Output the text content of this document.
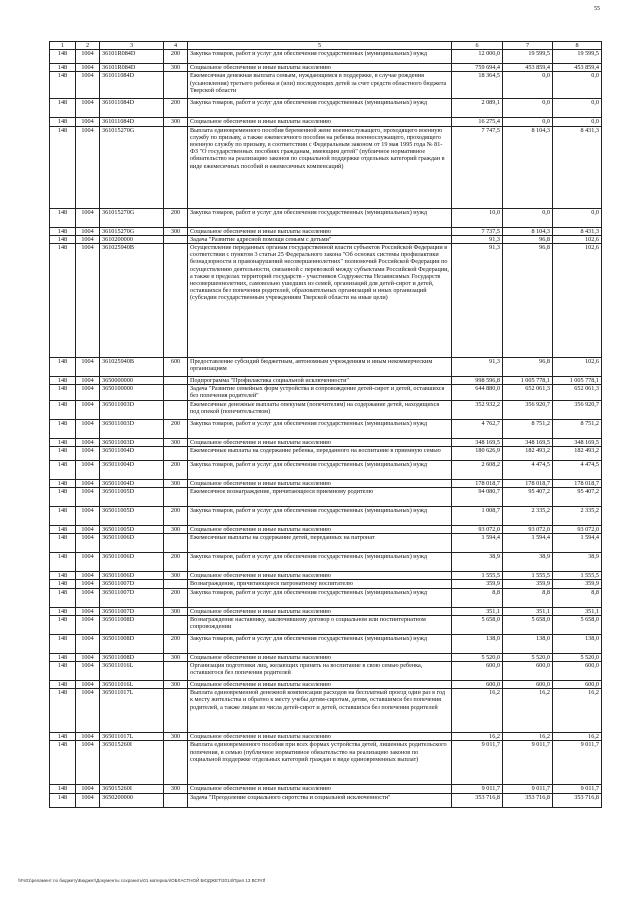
55
1	2	3	4	5	6	7	8
148	1004	36101R084D	200	Закупка товаров, работ и услуг для обеспечения государственных (муниципальных) нужд	12 000,0	19 599,5	19 599,5
148	1004	36101R084D	300	Социальное обеспечение и иные выплаты населению	759 694,4	453 859,4	453 859,4
148	1004	361011084D		Ежемесячная денежная выплата семьям, нуждающимся в поддержке, в случае рождения (усыновления) третьего ребенка и (или) последующих детей за счет средств областного бюджета Тверской области	18 364,5	0,0	0,0
148	1004	361011084D	200	Закупка товаров, работ и услуг для обеспечения государственных (муниципальных) нужд	2 089,1	0,0	0,0
148	1004	361011084D	300	Социальное обеспечение и иные выплаты населению	16 275,4	0,0	0,0
148	1004	361015270G		Выплата единовременного пособия беременной жене военнослужащего, проходящего военную службу по призыву, а также ежемесячного пособия на ребенка военнослужащего, проходящего военную службу по призыву, в соответствии с Федеральным законом от 19 мая 1995 года № 81-ФЗ "О государственных пособиях гражданам, имеющим детей" (публичное нормативное обязательство на реализацию законов по социальной поддержке отдельных категорий граждан в виде ежемесячных пособий и ежемесячных компенсаций)	7 747,5	8 104,3	8 431,3
148	1004	361015270G	200	Закупка товаров, работ и услуг для обеспечения государственных (муниципальных) нужд	10,0	0,0	0,0
148	1004	361015270G	300	Социальное обеспечение и иные выплаты населению	7 737,5	8 104,3	8 431,3
148	1004	3610200000		Задача "Развитие адресной помощи семьям с детьми"	91,3	96,8	102,6
148	1004	361025940B		Осуществление переданных органам государственной власти субъектов Российской Федерации в соответствии с пунктом 3 статьи 25 Федерального закона "Об основах системы профилактики безнадзорности и правонарушений несовершеннолетних" полномочий Российской Федерации по осуществлению деятельности, связанной с перевозкой между субъектами Российской Федерации, а также в пределах территорий государств - участников Содружества Независимых Государств несовершеннолетних, самовольно ушедших из семей, организаций для детей-сирот и детей, оставшихся без попечения родителей, образовательных организаций и иных организаций (субсидии государственным учреждениям Тверской области на иные цели)	91,3	96,8	102,6
148	1004	361025940B	600	Предоставление субсидий бюджетным, автономным учреждениям и иным некоммерческим организациям	91,3	96,8	102,6
148	1004	3650000000		Подпрограмма "Профилактика социальной исключенности"	998 596,8	1 005 778,1	1 005 778,1
148	1004	3650100000		Задача "Развитие семейных форм устройства и сопровождение детей-сирот и детей, оставшихся без попечения родителей"	644 880,0	652 061,3	652 061,3
148	1004	365011003D		Ежемесячные денежные выплаты опекунам (попечителям) на содержание детей, находящихся под опекой (попечительством)	352 932,2	356 920,7	356 920,7
148	1004	365011003D	200	Закупка товаров, работ и услуг для обеспечения государственных (муниципальных) нужд	4 762,7	8 751,2	8 751,2
148	1004	365011003D	300	Социальное обеспечение и иные выплаты населению	348 169,5	348 169,5	348 169,5
148	1004	365011004D		Ежемесячные выплаты на содержание ребенка, переданного на воспитание в приемную семью	180 626,9	182 493,2	182 493,2
148	1004	365011004D	200	Закупка товаров, работ и услуг для обеспечения государственных (муниципальных) нужд	2 608,2	4 474,5	4 474,5
148	1004	365011004D	300	Социальное обеспечение и иные выплаты населению	178 018,7	178 018,7	178 018,7
148	1004	365011005D		Ежемесячное вознаграждение, причитающееся приемному родителю	94 080,7	95 407,2	95 407,2
148	1004	365011005D	200	Закупка товаров, работ и услуг для обеспечения государственных (муниципальных) нужд	1 008,7	2 335,2	2 335,2
148	1004	365011005D	300	Социальное обеспечение и иные выплаты населению	93 072,0	93 072,0	93 072,0
148	1004	365011006D		Ежемесячные выплаты на содержание детей, переданных на патронат	1 594,4	1 594,4	1 594,4
148	1004	365011006D	200	Закупка товаров, работ и услуг для обеспечения государственных (муниципальных) нужд	38,9	38,9	38,9
148	1004	365011006D	300	Социальное обеспечение и иные выплаты населению	1 555,5	1 555,5	1 555,5
148	1004	365011007D		Вознаграждение, причитающееся патронатному воспитателю	359,9	359,9	359,9
148	1004	365011007D	200	Закупка товаров, работ и услуг для обеспечения государственных (муниципальных) нужд	8,8	8,8	8,8
148	1004	365011007D	300	Социальное обеспечение и иные выплаты населению	351,1	351,1	351,1
148	1004	365011008D		Вознаграждение наставнику, заключившему договор о социальном или постинтернатном сопровождении	5 658,0	5 658,0	5 658,0
148	1004	365011008D	200	Закупка товаров, работ и услуг для обеспечения государственных (муниципальных) нужд	138,0	138,0	138,0
148	1004	365011008D	300	Социальное обеспечение и иные выплаты населению	5 520,0	5 520,0	5 520,0
148	1004	365011016L		Организация подготовки лиц, желающих принять на воспитание в свою семью ребенка, оставшегося без попечения родителей	600,0	600,0	600,0
148	1004	365011016L	300	Социальное обеспечение и иные выплаты населению	600,0	600,0	600,0
148	1004	365011017L		Выплата единовременной денежной компенсации расходов на бесплатный проезд один раз в год к месту жительства и обратно к месту учебы детям-сиротам, детям, оставшимся без попечения родителей, а также лицам из числа детей-сирот и детей, оставшихся без попечения родителей	16,2	16,2	16,2
148	1004	365011017L	300	Социальное обеспечение и иные выплаты населению	16,2	16,2	16,2
148	1004	365015260I		Выплата единовременного пособия при всех формах устройства детей, лишенных родительского попечения, в семью (публичное нормативное обязательство на реализацию законов по социальной поддержке отдельных категорий граждан в виде единовременных выплат)	9 011,7	9 011,7	9 011,7
148	1004	365015260I	300	Социальное обеспечение и иные выплаты населению	9 011,7	9 011,7	9 011,7
148	1004	3650200000		Задача "Преодоление социального сиротства и социальной исключенности"	353 716,8	353 716,8	353 716,8
\\Fs01\реламент по бюджету\Бюджет\Документы сохранить\01 материал\ОБЛАСТНОЙ БЮДЖЕТ\2014\Прил 13 ВСР.rtf
